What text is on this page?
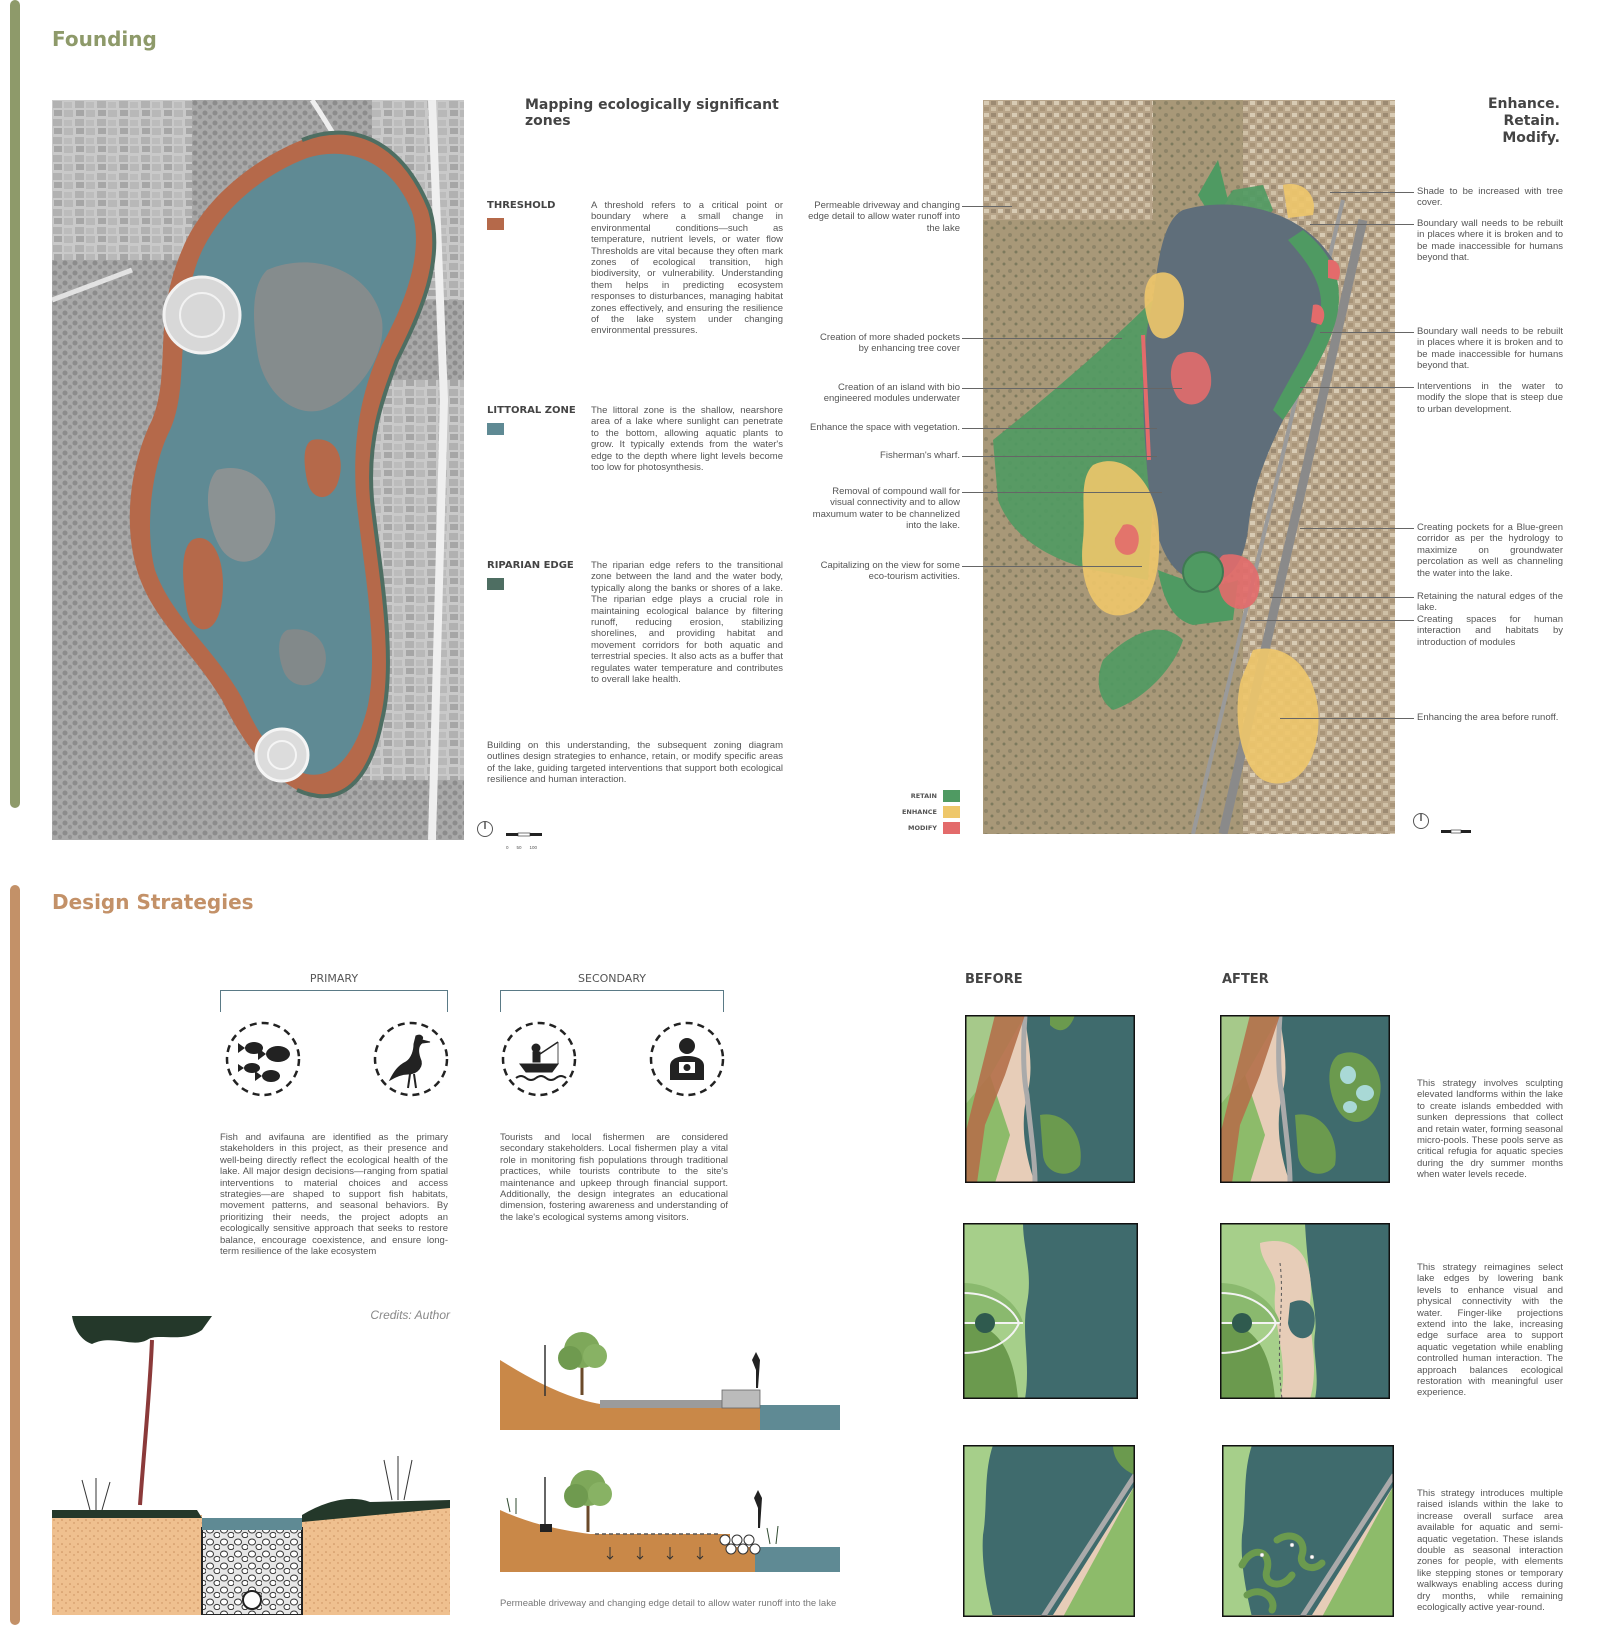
Founding
Mapping ecologically significant zones
THRESHOLD	A threshold refers to a critical point or boundary where a small change in environmental conditions—such as temperature, nutrient levels, or water flow Thresholds are vital because they often mark zones of ecological transition, high biodiversity, or vulnerability. Understanding them helps in predicting ecosystem responses to disturbances, managing habitat zones effectively, and ensuring the resilience of the lake system under changing environmental pressures.
LITTORAL ZONE	The littoral zone is the shallow, nearshore area of a lake where sunlight can penetrate to the bottom, allowing aquatic plants to grow. It typically extends from the water's edge to the depth where light levels become too low for photosynthesis.
RIPARIAN EDGE	The riparian edge refers to the transitional zone between the land and the water body, typically along the banks or shores of a lake. The riparian edge plays a crucial role in maintaining ecological balance by filtering runoff, reducing erosion, stabilizing shorelines, and providing habitat and movement corridors for both aquatic and terrestrial species. It also acts as a buffer that regulates water temperature and contributes to overall lake health.
Building on this understanding, the subsequent zoning diagram outlines design strategies to enhance, retain, or modify specific areas of the lake, guiding targeted interventions that support both ecological resilience and human interaction.
0 50 100
Enhance.
Retain.
Modify.
Permeable driveway and changing edge detail to allow water runoff into the lake
Creation of more shaded pockets by enhancing tree cover
Creation of an island with bio engineered modules underwater
Enhance the space with vegetation.
Fisherman's wharf.
Removal of compound wall for visual connectivity and to allow maxumum water to be channelized into the lake.
Capitalizing on the view for some eco-tourism activities.
Shade to be increased with tree cover.
Boundary wall needs to be rebuilt in places where it is broken and to be made inaccessible for humans beyond that.
Boundary wall needs to be rebuilt in places where it is broken and to be made inaccessible for humans beyond that.
Interventions in the water to modify the slope that is steep due to urban development.
Creating pockets for a Blue-green corridor as per the hydrology to maximize on groundwater percolation as well as channeling the water into the lake.
Retaining the natural edges of the lake.
Creating spaces for human interaction and habitats by introduction of modules
Enhancing the area before runoff.
RETAIN
ENHANCE
MODIFY
Design Strategies
PRIMARY
Fish and avifauna are identified as the primary stakeholders in this project, as their presence and well-being directly reflect the ecological health of the lake. All major design decisions—ranging from spatial interventions to material choices and access strategies—are shaped to support fish habitats, movement patterns, and seasonal behaviors. By prioritizing their needs, the project adopts an ecologically sensitive approach that seeks to restore balance, encourage coexistence, and ensure long-term resilience of the lake ecosystem
SECONDARY
Tourists and local fishermen are considered secondary stakeholders. Local fishermen play a vital role in monitoring fish populations through traditional practices, while tourists contribute to the site's maintenance and upkeep through financial support. Additionally, the design integrates an educational dimension, fostering awareness and understanding of the lake's ecological systems among visitors.
Credits: Author
Permeable driveway and changing edge detail to allow water runoff into the lake
BEFORE	AFTER
This strategy involves sculpting elevated landforms within the lake to create islands embedded with sunken depressions that collect and retain water, forming seasonal micro-pools. These pools serve as critical refugia for aquatic species during the dry summer months when water levels recede.
This strategy reimagines select lake edges by lowering bank levels to enhance visual and physical connectivity with the water. Finger-like projections extend into the lake, increasing edge surface area to support aquatic vegetation while enabling controlled human interaction. The approach balances ecological restoration with meaningful user experience.
This strategy introduces multiple raised islands within the lake to increase overall surface area available for aquatic and semi-aquatic vegetation. These islands double as seasonal interaction zones for people, with elements like stepping stones or temporary walkways enabling access during dry months, while remaining ecologically active year-round.
